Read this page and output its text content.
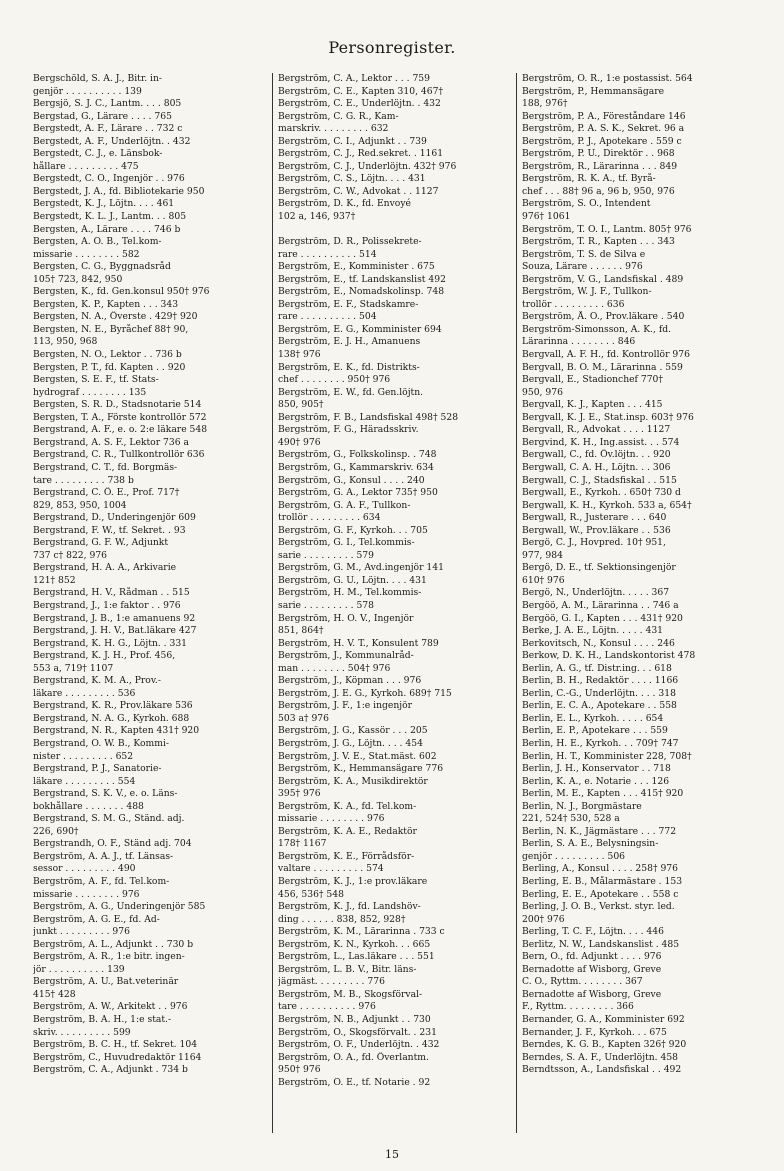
Personregister.
Bergschöld, S. A. J., Bitr. in-
genjör . . . . . . . . . . 139
Bergsjö, S. J. C., Lantm. . . . 805
Bergstad, G., Lärare . . . . 765
Bergstedt, A. F., Lärare . . 732 c
Bergstedt, A. F., Underlöjtn. . 432
Bergstedt, C. J., e. Länsbok-
hållare . . . . . . . . . 475
Bergstedt, C. O., Ingenjör . . 976
Bergstedt, J. A., fd. Bibliotekarie 950
Bergstedt, K. J., Löjtn. . . . 461
Bergstedt, K. L. J., Lantm. . . 805
Bergsten, A., Lärare . . . . 746 b
Bergsten, A. O. B., Tel.kom-
missarie . . . . . . . . 582
Bergsten, C. G., Byggnadsråd
105† 723, 842, 950
Bergsten, K., fd. Gen.konsul 950† 976
Bergsten, K. P., Kapten . . . 343
Bergsten, N. A., Överste . 429† 920
Bergsten, N. E., Byråchef 88† 90,
113, 950, 968
Bergsten, N. O., Lektor . . 736 b
Bergsten, P. T., fd. Kapten . . 920
Bergsten, S. E. F., tf. Stats-
hydrograf . . . . . . . . 135
Bergsten, S. R. D., Stadsnotarie 514
Bergsten, T. A., Förste kontrollör 572
Bergstrand, A. F., e. o. 2:e läkare 548
Bergstrand, A. S. F., Lektor 736 a
Bergstrand, C. R., Tullkontrollör 636
Bergstrand, C. T., fd. Borgmäs-
tare . . . . . . . . . 738 b
Bergstrand, C. Ö. E., Prof. 717†
829, 853, 950, 1004
Bergstrand, D., Underingenjör 609
Bergstrand, F. W., tf. Sekret. . 93
Bergstrand, G. F. W., Adjunkt
737 c† 822, 976
Bergstrand, H. A. A., Arkivarie
121† 852
Bergstrand, H. V., Rådman . . 515
Bergstrand, J., 1:e faktor . . 976
Bergstrand, J. B., 1:e amanuens 92
Bergstrand, J. H. V., Bat.läkare 427
Bergstrand, K. H. G., Löjtn. . 331
Bergstrand, K. J. H., Prof. 456,
553 a, 719† 1107
Bergstrand, K. M. A., Prov.-
läkare . . . . . . . . . 536
Bergstrand, K. R., Prov.läkare 536
Bergstrand, N. A. G., Kyrkoh. 688
Bergstrand, N. R., Kapten 431† 920
Bergstrand, O. W. B., Kommi-
nister . . . . . . . . . 652
Bergstrand, P. J., Sanatorie-
läkare . . . . . . . . . 554
Bergstrand, S. K. V., e. o. Läns-
bokhållare . . . . . . . 488
Bergstrand, S. M. G., Ständ. adj.
226, 690†
Bergstrandh, O. F., Ständ adj. 704
Bergström, A. A. J., tf. Länsas-
sessor . . . . . . . . . 490
Bergström, A. F., fd. Tel.kom-
missarie . . . . . . . . 976
Bergström, A. G., Underingenjör 585
Bergström, A. G. E., fd. Ad-
junkt . . . . . . . . . 976
Bergström, A. L., Adjunkt . . 730 b
Bergström, A. R., 1:e bitr. ingen-
jör . . . . . . . . . . 139
Bergström, A. U., Bat.veterinär
415† 428
Bergström, A. W., Arkitekt . . 976
Bergström, B. A. H., 1:e stat.-
skriv. . . . . . . . . . 599
Bergström, B. C. H., tf. Sekret. 104
Bergström, C., Huvudredaktör 1164
Bergström, C. A., Adjunkt . 734 b
Bergström, C. A., Lektor . . . 759
Bergström, C. E., Kapten 310, 467†
Bergström, C. E., Underlöjtn. . 432
Bergström, C. G. R., Kam-
marskriv. . . . . . . . . 632
Bergström, C. I., Adjunkt . . 739
Bergström, C. J., Red.sekret. . 1161
Bergström, C. J., Underlöjtn. 432† 976
Bergström, C. S., Löjtn. . . . 431
Bergström, C. W., Advokat . . 1127
Bergström, D. K., fd. Envoyé
102 a, 146, 937†
Bergström, D. R., Polissekrete-
rare . . . . . . . . . . 514
Bergström, E., Komminister . 675
Bergström, E., tf. Landskanslist 492
Bergström, E., Nomadskolinsp. 748
Bergström, E. F., Stadskamre-
rare . . . . . . . . . . 504
Bergström, E. G., Komminister 694
Bergström, E. J. H., Amanuens
138† 976
Bergström, E. K., fd. Distrikts-
chef . . . . . . . . 950† 976
Bergström, E. W., fd. Gen.löjtn.
850, 905†
Bergström, F. B., Landsfiskal 498† 528
Bergström, F. G., Häradsskriv.
490† 976
Bergström, G., Folkskolinsp. . 748
Bergström, G., Kammarskriv. 634
Bergström, G., Konsul . . . . 240
Bergström, G. A., Lektor 735† 950
Bergström, G. A. F., Tullkon-
trollör . . . . . . . . . 634
Bergström, G. F., Kyrkoh. . . 705
Bergström, G. I., Tel.kommis-
sarie . . . . . . . . . 579
Bergström, G. M., Avd.ingenjör 141
Bergström, G. U., Löjtn. . . . 431
Bergström, H. M., Tel.kommis-
sarie . . . . . . . . . 578
Bergström, H. O. V., Ingenjör
851, 864†
Bergström, H. V. T., Konsulent 789
Bergström, J., Kommunalråd-
man . . . . . . . . 504† 976
Bergström, J., Köpman . . . 976
Bergström, J. E. G., Kyrkoh. 689† 715
Bergström, J. F., 1:e ingenjör
503 a† 976
Bergström, J. G., Kassör . . . 205
Bergström, J. G., Löjtn. . . . 454
Bergström, J. V. E., Stat.mäst. 602
Bergström, K., Hemmansägare 776
Bergström, K. A., Musikdirektör
395† 976
Bergström, K. A., fd. Tel.kom-
missarie . . . . . . . . 976
Bergström, K. A. E., Redaktör
178† 1167
Bergström, K. E., Förrådsför-
valtare . . . . . . . . . 574
Bergström, K. J., 1:e prov.läkare
456, 536† 548
Bergström, K. J., fd. Landshöv-
ding . . . . . . 838, 852, 928†
Bergström, K. M., Lärarinna . 733 c
Bergström, K. N., Kyrkoh. . . 665
Bergström, L., Las.läkare . . . 551
Bergström, L. B. V., Bitr. läns-
jägmäst. . . . . . . . . 776
Bergström, M. B., Skogsförval-
tare . . . . . . . . . . 976
Bergström, N. B., Adjunkt . . 730
Bergström, O., Skogsförvalt. . 231
Bergström, O. F., Underlöjtn. . 432
Bergström, O. A., fd. Överlantm.
950† 976
Bergström, O. E., tf. Notarie . 92
Bergström, O. R., 1:e postassist. 564
Bergström, P., Hemmansägare
188, 976†
Bergström, P. A., Föreståndare 146
Bergström, P. A. S. K., Sekret. 96 a
Bergström, P. J., Apotekare . 559 c
Bergström, P. U., Direktör . . 968
Bergström, R., Lärarinna . . . 849
Bergström, R. K. A., tf. Byrå-
chef . . . 88† 96 a, 96 b, 950, 976
Bergström, S. O., Intendent
976† 1061
Bergström, T. O. I., Lantm. 805† 976
Bergström, T. R., Kapten . . . 343
Bergström, T. S. de Silva e
Souza, Lärare . . . . . . 976
Bergström, V. G., Landsfiskal . 489
Bergström, W. J. F., Tullkon-
trollör . . . . . . . . . 636
Bergström, Å. O., Prov.läkare . 540
Bergström-Simonsson, A. K., fd.
Lärarinna . . . . . . . . 846
Bergvall, A. F. H., fd. Kontrollör 976
Bergvall, B. O. M., Lärarinna . 559
Bergvall, E., Stadionchef 770†
950, 976
Bergvall, K. J., Kapten . . . 415
Bergvall, K. J. E., Stat.insp. 603† 976
Bergvall, R., Advokat . . . . 1127
Bergvind, K. H., Ing.assist. . . 574
Bergwall, C., fd. Öv.löjtn. . . 920
Bergwall, C. A. H., Löjtn. . . 306
Bergwall, C. J., Stadsfiskal . . 515
Bergwall, E., Kyrkoh. . 650† 730 d
Bergwall, K. H., Kyrkoh. 533 a, 654†
Bergwall, R., Justerare . . . 640
Bergwall, W., Prov.läkare . . 536
Bergö, C. J., Hovpred. 10† 951,
977, 984
Bergö, D. E., tf. Sektionsingenjör
610† 976
Bergö, N., Underlöjtn. . . . . 367
Bergöö, A. M., Lärarinna . . 746 a
Bergöö, G. I., Kapten . . . 431† 920
Berke, J. A. E., Löjtn. . . . . 431
Berkovitsch, N., Konsul . . . . 246
Berkow, D. K. H., Landskontorist 478
Berlin, A. G., tf. Distr.ing. . . 618
Berlin, B. H., Redaktör . . . . 1166
Berlin, C.-G., Underlöjtn. . . . 318
Berlin, E. C. A., Apotekare . . 558
Berlin, E. L., Kyrkoh. . . . . 654
Berlin, E. P., Apotekare . . . 559
Berlin, H. E., Kyrkoh. . . 709† 747
Berlin, H. T., Komminister 228, 708†
Berlin, J. H., Konservator . . 718
Berlin, K. A., e. Notarie . . . 126
Berlin, M. E., Kapten . . . 415† 920
Berlin, N. J., Borgmästare
221, 524† 530, 528 a
Berlin, N. K., Jägmästare . . . 772
Berlin, S. A. E., Belysningsin-
genjör . . . . . . . . . 506
Berling, A., Konsul . . . . 258† 976
Berling, E. B., Målarmästare . 153
Berling, E. E., Apotekare . . 558 c
Berling, J. O. B., Verkst. styr. led.
200† 976
Berling, T. C. F., Löjtn. . . . 446
Berlitz, N. W., Landskanslist . 485
Bern, O., fd. Adjunkt . . . . 976
Bernadotte af Wisborg, Greve
C. O., Ryttm. . . . . . . . 367
Bernadotte af Wisborg, Greve
F., Ryttm. . . . . . . . . 366
Bernander, G. A., Komminister 692
Bernander, J. F., Kyrkoh. . . 675
Berndes, K. G. B., Kapten 326† 920
Berndes, S. A. F., Underlöjtn. 458
Berndtsson, A., Landsfiskal . . 492
15
